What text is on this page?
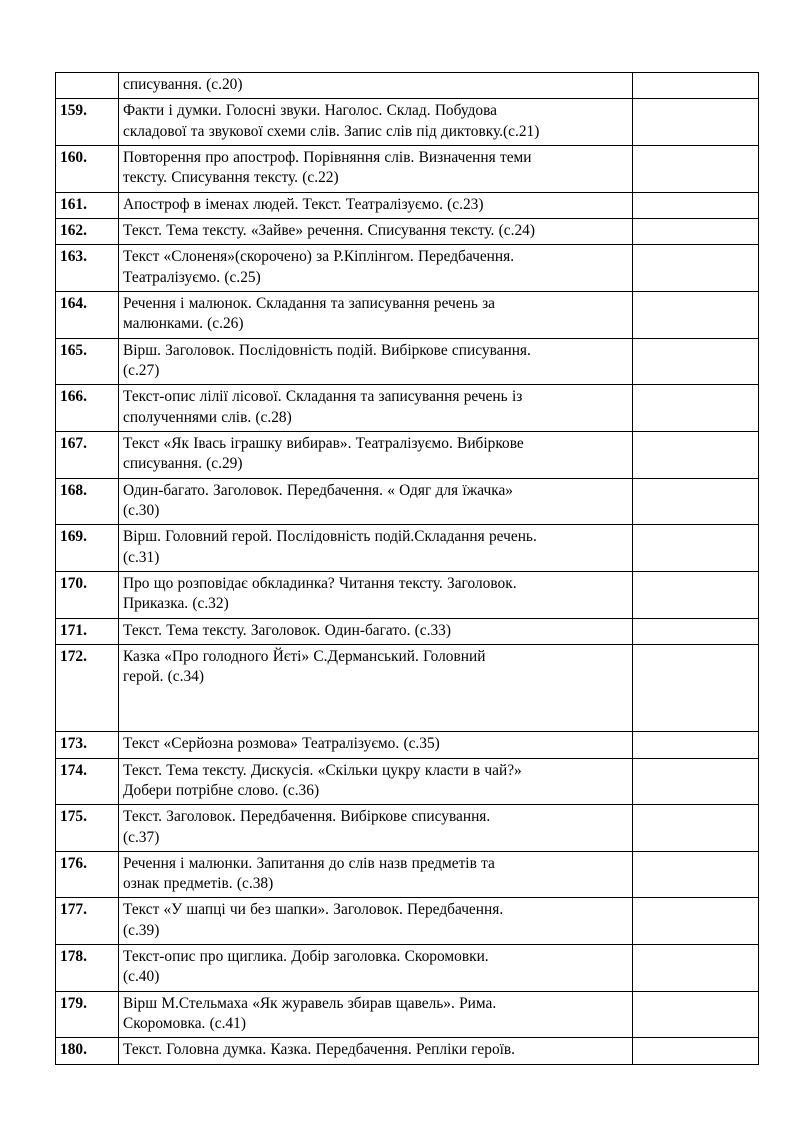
	списування. (с.20)	

159.	Факти і думки. Голосні звуки. Наголос. Склад. Побудова
складової та звукової схеми слів. Запис слів під диктовку.(с.21)	

160.	Повторення про апостроф. Порівняння слів. Визначення теми
тексту. Списування тексту. (с.22)	

161.	Апостроф в іменах людей. Текст. Театралізуємо. (с.23)	

162.	Текст. Тема тексту. «Зайве» речення. Списування тексту. (с.24)	

163.	Текст «Слоненя»(скорочено) за Р.Кіплінгом. Передбачення.
Театралізуємо. (с.25)	

164.	Речення і малюнок. Складання та записування речень за
малюнками. (с.26)	

165.	Вірш. Заголовок. Послідовність подій. Вибіркове списування.
(с.27)	

166.	Текст-опис лілії лісової. Складання та записування речень із
сполученнями слів. (с.28)	

167.	Текст «Як Івась іграшку вибирав». Театралізуємо. Вибіркове
списування. (с.29)	

168.	Один-багато. Заголовок. Передбачення. « Одяг для їжачка»
(с.30)	

169.	Вірш. Головний герой. Послідовність подій.Складання речень.
(с.31)	

170.	Про що розповідає обкладинка? Читання тексту. Заголовок.
Приказка. (с.32)	

171.	Текст. Тема тексту. Заголовок. Один-багато. (с.33)	

172.	Казка «Про голодного Йєті» С.Дерманський. Головний
герой. (с.34)	

173.	Текст «Серйозна розмова» Театралізуємо. (с.35)	

174.	Текст. Тема тексту. Дискусія. «Скільки цукру класти в чай?»
Добери потрібне слово. (с.36)	

175.	Текст. Заголовок. Передбачення. Вибіркове списування.
(с.37)	

176.	Речення і малюнки. Запитання до слів назв предметів та
ознак предметів. (с.38)	

177.	Текст «У шапці чи без шапки». Заголовок. Передбачення.
(с.39)	

178.	Текст-опис про щиглика. Добір заголовка. Скоромовки.
(с.40)	

179.	Вірш М.Стельмаха «Як журавель збирав щавель». Рима.
Скоромовка. (с.41)	

180.	Текст. Головна думка. Казка. Передбачення. Репліки героїв.	
